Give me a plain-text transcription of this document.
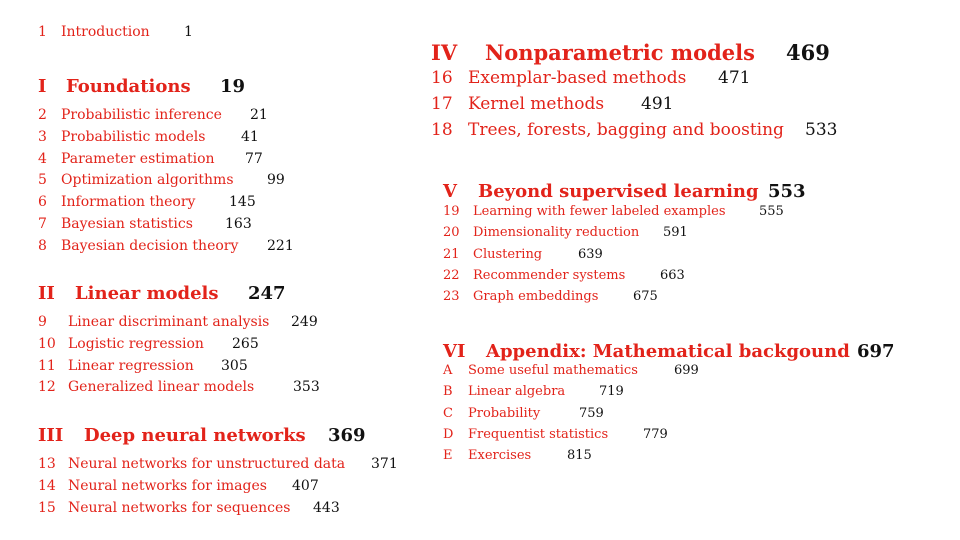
1 Introduction 1
I Foundations 19
2 Probabilistic inference 21
3 Probabilistic models	41
4 Parameter estimation 77
5 Optimization algorithms 99
6 Information theory 145
7 Bayesian statistics 163
8 Bayesian decision theory 221
II Linear models 247
9 Linear discriminant analysis 249
10 Logistic regression 265
11 Linear regression 305
12 Generalized linear models	353
III Deep neural networks 369
13 Neural networks for unstructured data 371
14 Neural networks for images 407
15 Neural networks for sequences 443
IV Nonparametric models 469
16 Exemplar-based methods 471
17 Kernel methods 491
18 Trees, forests, bagging and boosting 533
V Beyond supervised learning 553
19 Learning with fewer labeled examples	555
20 Dimensionality reduction 591
21 Clustering	639
22 Recommender systems	663
23 Graph embeddings	675
VI Appendix: Mathematical backgound 697
A Some useful mathematics	699
B Linear algebra	719
C Probability	759
D Frequentist statistics	779
E Exercises	815
